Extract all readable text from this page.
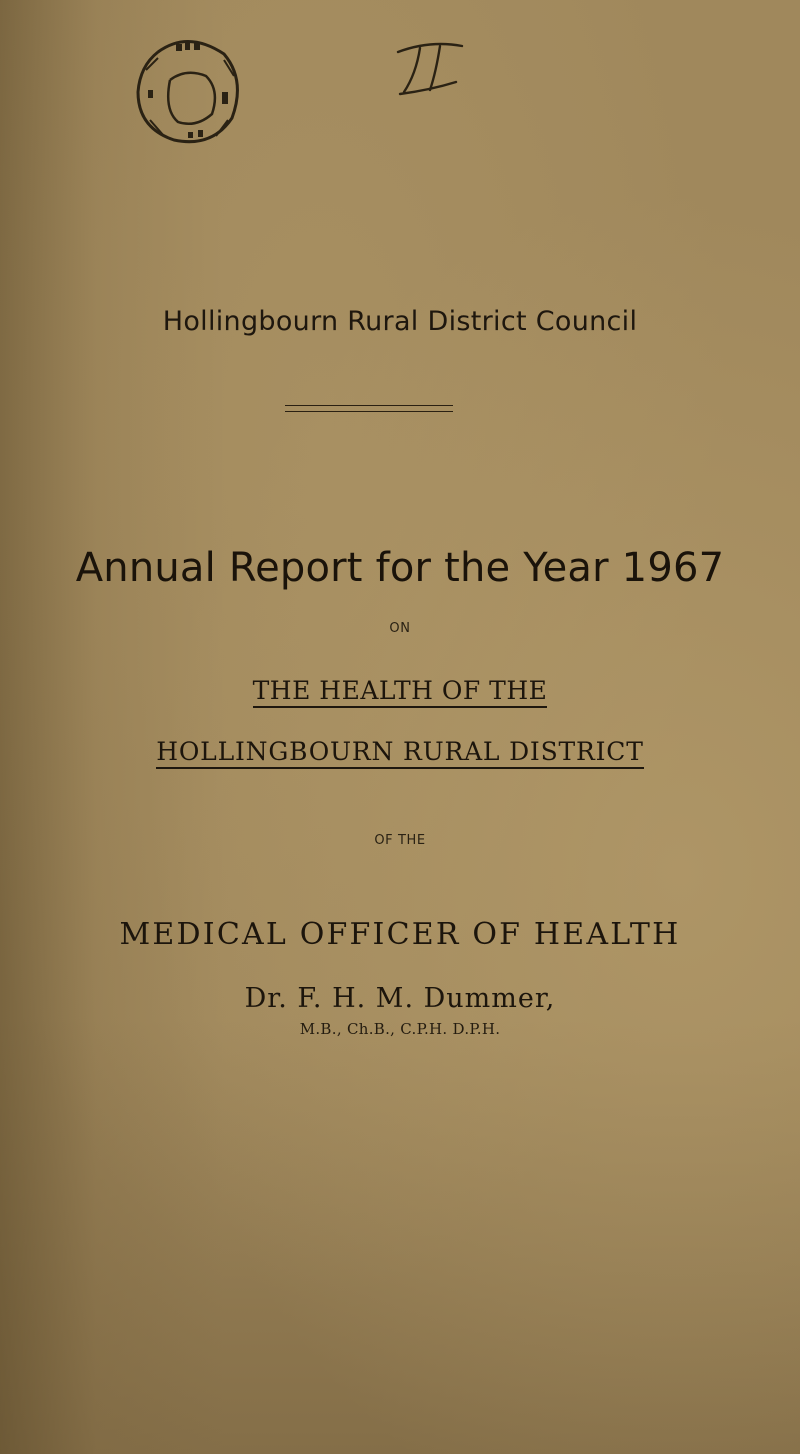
Hollingbourn Rural District Council
Annual Report for the Year 1967
ON
THE HEALTH OF THE
HOLLINGBOURN RURAL DISTRICT
OF THE
MEDICAL OFFICER OF HEALTH
Dr. F. H. M. Dummer,
M.B., Ch.B., C.P.H. D.P.H.
